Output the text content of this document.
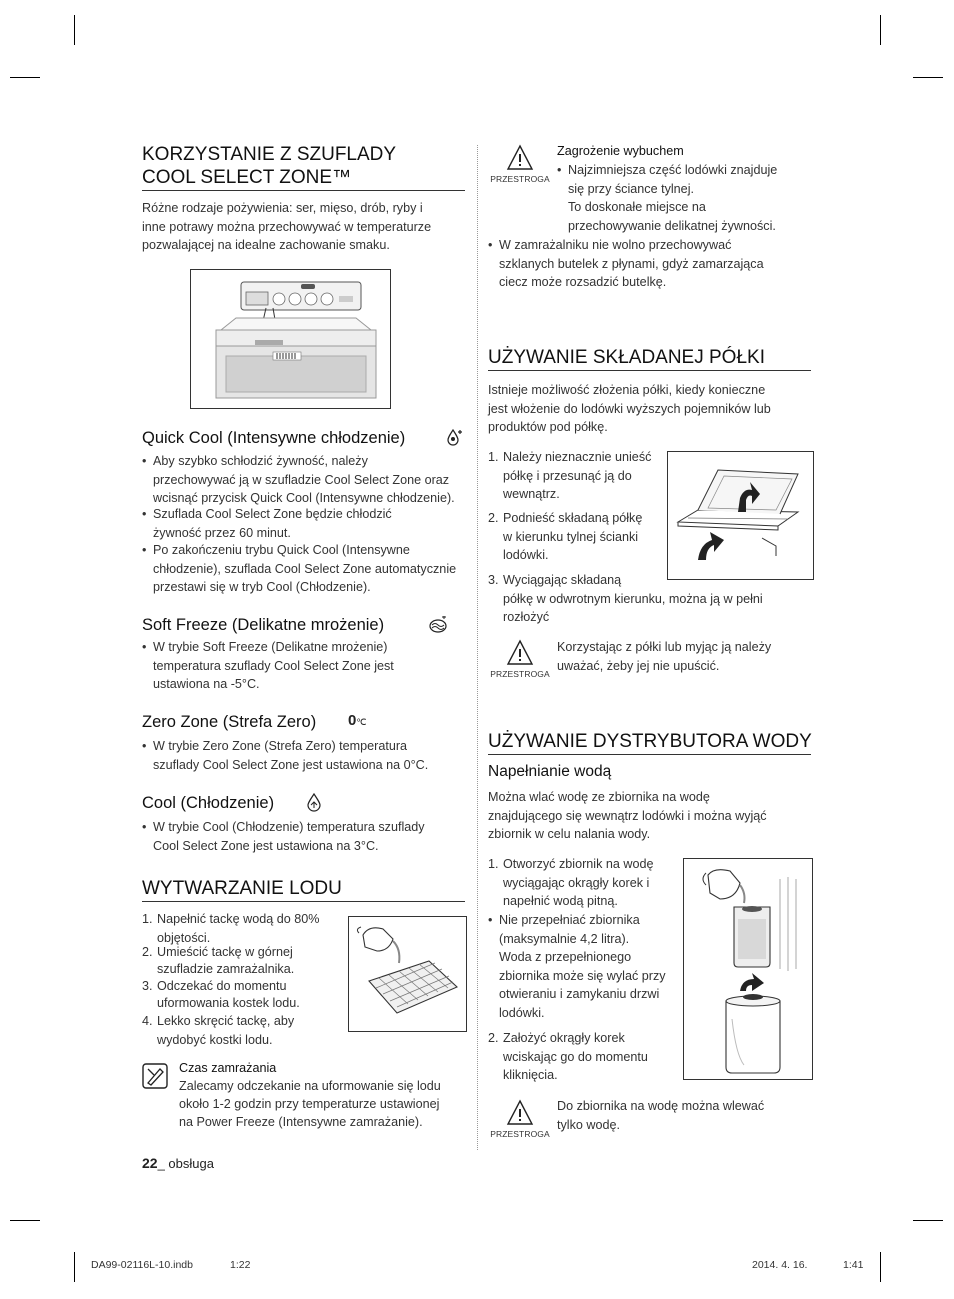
KORZYSTANIE Z SZUFLADY
COOL SELECT ZONE™
Różne rodzaje pożywienia: ser, mięso, drób, ryby i
inne potrawy można przechowywać w temperaturze
pozwalającej na idealne zachowanie smaku.
Quick Cool (Intensywne chłodzenie)
• Aby szybko schłodzić żywność, należy
przechowywać ją w szufladzie Cool Select Zone oraz
wcisnąć przycisk Quick Cool (Intensywne chłodzenie).
• Szuflada Cool Select Zone będzie chłodzić
żywność przez 60 minut.
• Po zakończeniu trybu Quick Cool (Intensywne
chłodzenie), szuflada Cool Select Zone automatycznie
przestawi się w tryb Cool (Chłodzenie).
Soft Freeze (Delikatne mrożenie)
• W trybie Soft Freeze (Delikatne mrożenie)
temperatura szuflady Cool Select Zone jest
ustawiona na -5°C.
Zero Zone (Strefa Zero) 0℃
• W trybie Zero Zone (Strefa Zero) temperatura
szuflady Cool Select Zone jest ustawiona na 0°C.
Cool (Chłodzenie)
• W trybie Cool (Chłodzenie) temperatura szuflady
Cool Select Zone jest ustawiona na 3°C.
WYTWARZANIE LODU
1. Napełnić tackę wodą do 80%
objętości.
2. Umieścić tackę w górnej
szufladzie zamrażalnika.
3. Odczekać do momentu
uformowania kostek lodu.
4. Lekko skręcić tackę, aby
wydobyć kostki lodu.
Czas zamrażania
Zalecamy odczekanie na uformowanie się lodu
około 1-2 godzin przy temperaturze ustawionej
na Power Freeze (Intensywne zamrażanie).
22_ obsługa
PRZESTROGA
Zagrożenie wybuchem
• Najzimniejsza część lodówki znajduje
się przy ściance tylnej.
To doskonałe miejsce na
przechowywanie delikatnej żywności.
• W zamrażalniku nie wolno przechowywać
szklanych butelek z płynami, gdyż zamarzająca
ciecz może rozsadzić butelkę.
UŻYWANIE SKŁADANEJ PÓŁKI
Istnieje możliwość złożenia półki, kiedy konieczne
jest włożenie do lodówki wyższych pojemników lub
produktów pod półkę.
1. Należy nieznacznie unieść
półkę i przesunąć ją do
wewnątrz.
2. Podnieść składaną półkę
w kierunku tylnej ścianki
lodówki.
3. Wyciągając składaną
półkę w odwrotnym kierunku, można ją w pełni
rozłożyć
PRZESTROGA
Korzystając z półki lub myjąc ją należy
uważać, żeby jej nie upuścić.
UŻYWANIE DYSTRYBUTORA WODY
Napełnianie wodą
Można wlać wodę ze zbiornika na wodę
znajdującego się wewnątrz lodówki i można wyjąć
zbiornik w celu nalania wody.
1. Otworzyć zbiornik na wodę
wyciągając okrągły korek i
napełnić wodą pitną.
• Nie przepełniać zbiornika
(maksymalnie 4,2 litra).
Woda z przepełnionego
zbiornika może się wylać przy
otwieraniu i zamykaniu drzwi
lodówki.
2. Założyć okrągły korek
wciskając go do momentu
kliknięcia.
PRZESTROGA
Do zbiornika na wodę można wlewać
tylko wodę.
DA99-02116L-10.indb	1:22	2014. 4. 16.	1:41
